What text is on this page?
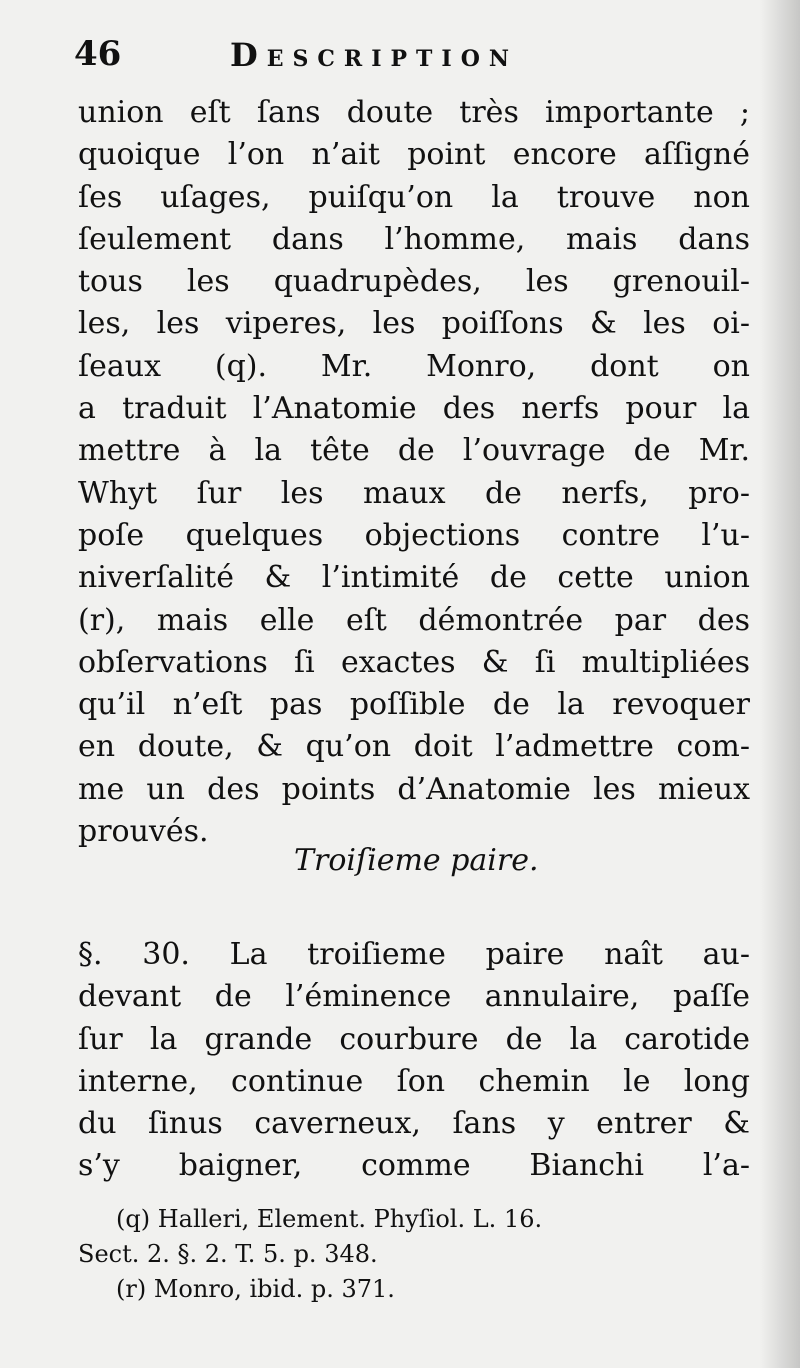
46	Description
union eſt ſans doute très importante ;
quoique l’on n’ait point encore aſſigné
ſes uſages, puiſqu’on la trouve non
ſeulement dans l’homme, mais dans
tous les quadrupèdes, les grenouil-
les, les viperes, les poiſſons & les oi-
ſeaux (q). Mr. Monro, dont on
a traduit l’Anatomie des nerfs pour la
mettre à la tête de l’ouvrage de Mr.
Whyt ſur les maux de nerfs, pro-
poſe quelques objections contre l’u-
niverſalité & l’intimité de cette union
(r), mais elle eſt démontrée par des
obſervations ſi exactes & ſi multipliées
qu’il n’eſt pas poſſible de la revoquer
en doute, & qu’on doit l’admettre com-
me un des points d’Anatomie les mieux
prouvés.
Troiſieme paire.
§. 30. La troiſieme paire naît au-
devant de l’éminence annulaire, paſſe
ſur la grande courbure de la carotide
interne, continue ſon chemin le long
du ſinus caverneux, ſans y entrer &
s’y baigner, comme Bianchi l’a-
(q) Halleri, Element. Phyſiol. L. 16.
Sect. 2. §. 2. T. 5. p. 348.
(r) Monro, ibid. p. 371.
